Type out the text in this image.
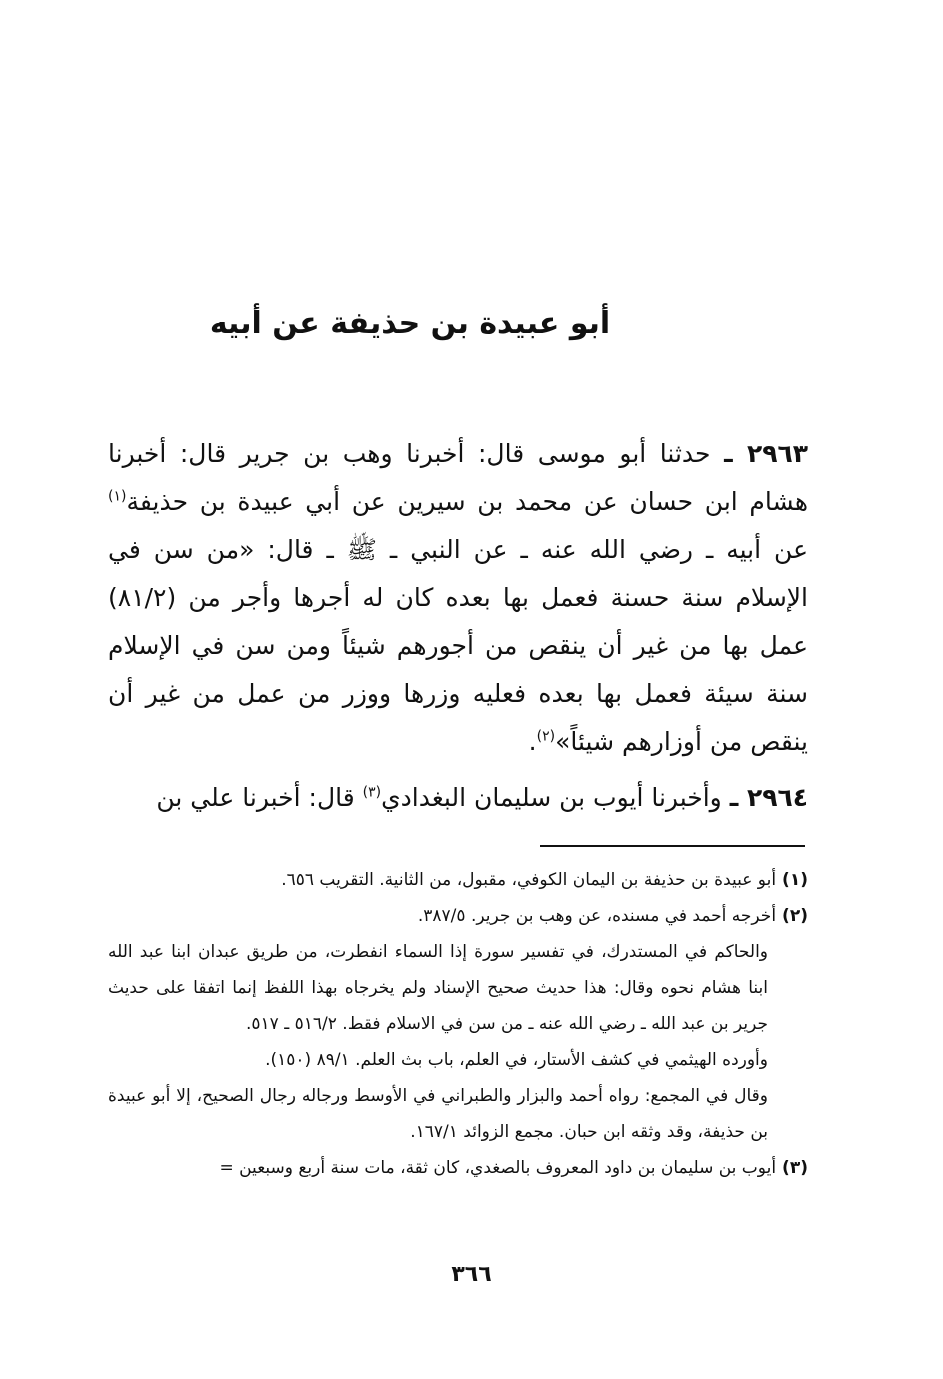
أبو عبيدة بن حذيفة عن أبيه

٢٩٦٣ ـ حدثنا أبو موسى قال: أخبرنا وهب بن جرير قال: أخبرنا هشام ابن حسان عن محمد بن سيرين عن أبي عبيدة بن حذيفة$^{(١)}$ عن أبيه ـ رضي الله عنه ـ عن النبي ـ ﷺ ـ قال: «من سن في الإسلام سنة حسنة فعمل بها بعده كان له أجرها وأجر من (٨١/٢) عمل بها من غير أن ينقص من أجورهم شيئاً ومن سن في الإسلام سنة سيئة فعمل بها بعده فعليه وزرها ووزر من عمل من غير أن ينقص من أوزارهم شيئاً»$^{(٢)}$.

٢٩٦٤ ـ وأخبرنا أيوب بن سليمان البغدادي$^{(٣)}$ قال: أخبرنا علي بن

(١)أبو عبيدة بن حذيفة بن اليمان الكوفي، مقبول، من الثانية. التقريب ٦٥٦.

(٢)أخرجه أحمد في مسنده، عن وهب بن جرير. ٣٨٧/٥.

والحاكم في المستدرك، في تفسير سورة إذا السماء انفطرت، من طريق عبدان ابنا عبد الله ابنا هشام نحوه وقال: هذا حديث صحيح الإسناد ولم يخرجاه بهذا اللفظ إنما اتفقا على حديث جرير بن عبد الله ـ رضي الله عنه ـ من سن في الاسلام فقط. ٥١٦/٢ ـ ٥١٧.

وأورده الهيثمي في كشف الأستار، في العلم، باب بث العلم. ٨٩/١ (١٥٠).

وقال في المجمع: رواه أحمد والبزار والطبراني في الأوسط ورجاله رجال الصحيح، إلا أبو عبيدة بن حذيفة، وقد وثقه ابن حبان. مجمع الزوائد ١٦٧/١.

(٣)أيوب بن سليمان بن داود المعروف بالصغدي، كان ثقة، مات سنة أربع وسبعين =

٣٦٦
